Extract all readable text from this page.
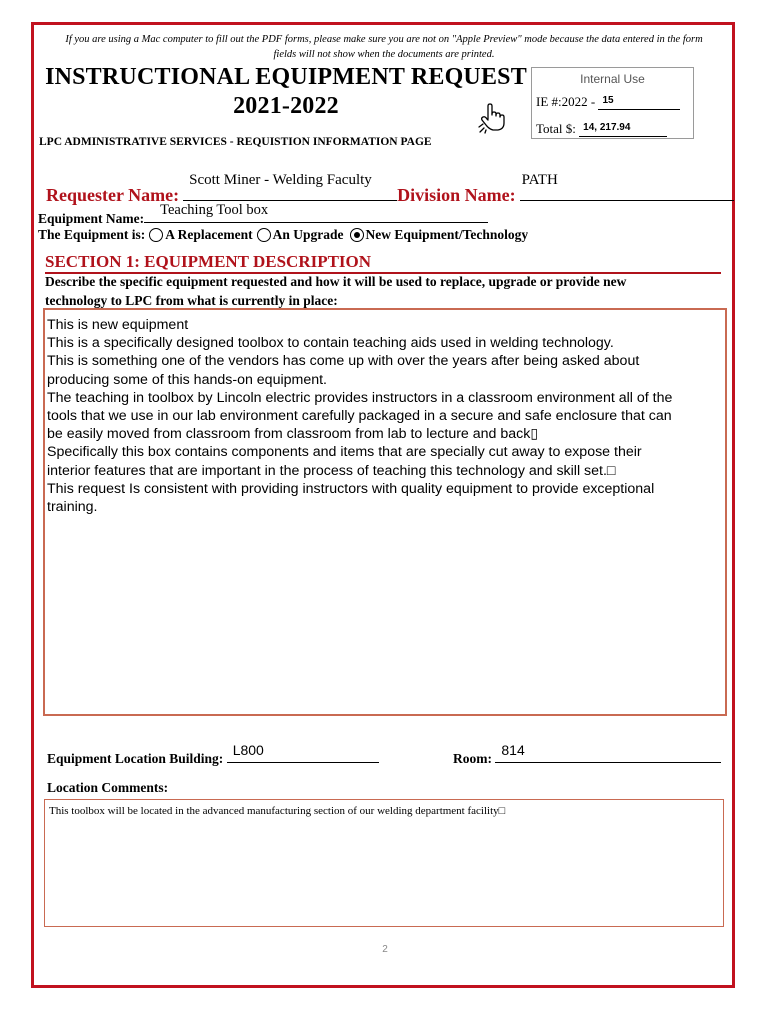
If you are using a Mac computer to fill out the PDF forms, please make sure you are not on "Apple Preview" mode because the data entered in the form
fields will not show when the documents are printed.
INSTRUCTIONAL EQUIPMENT REQUEST
2021-2022
Internal Use
IE #:2022 - 15
Total $: 14, 217.94
LPC ADMINISTRATIVE SERVICES - REQUISTION INFORMATION PAGE
Requester Name:
Scott Miner - Welding Faculty
Division Name:
PATH
Equipment Name:
Teaching Tool box
The Equipment is: A Replacement An Upgrade New Equipment/Technology
SECTION 1: EQUIPMENT DESCRIPTION
Describe the specific equipment requested and how it will be used to replace, upgrade or provide new
technology to LPC from what is currently in place:
This is new equipment
This is a specifically designed toolbox to contain teaching aids used in welding technology.
This is something one of the vendors has come up with over the years after being asked about
producing some of this hands-on equipment.
The teaching in toolbox by Lincoln electric provides instructors in a classroom environment all of the
tools that we use in our lab environment carefully packaged in a secure and safe enclosure that can
be easily moved from classroom from classroom from lab to lecture and back▯
Specifically this box contains components and items that are specially cut away to expose their
interior features that are important in the process of teaching this technology and skill set.□
This request Is consistent with providing instructors with quality equipment to provide exceptional
training.
Equipment Location Building:
L800
Room:
814
Location Comments:
This toolbox will be located in the advanced manufacturing section of our welding department facility□
2
